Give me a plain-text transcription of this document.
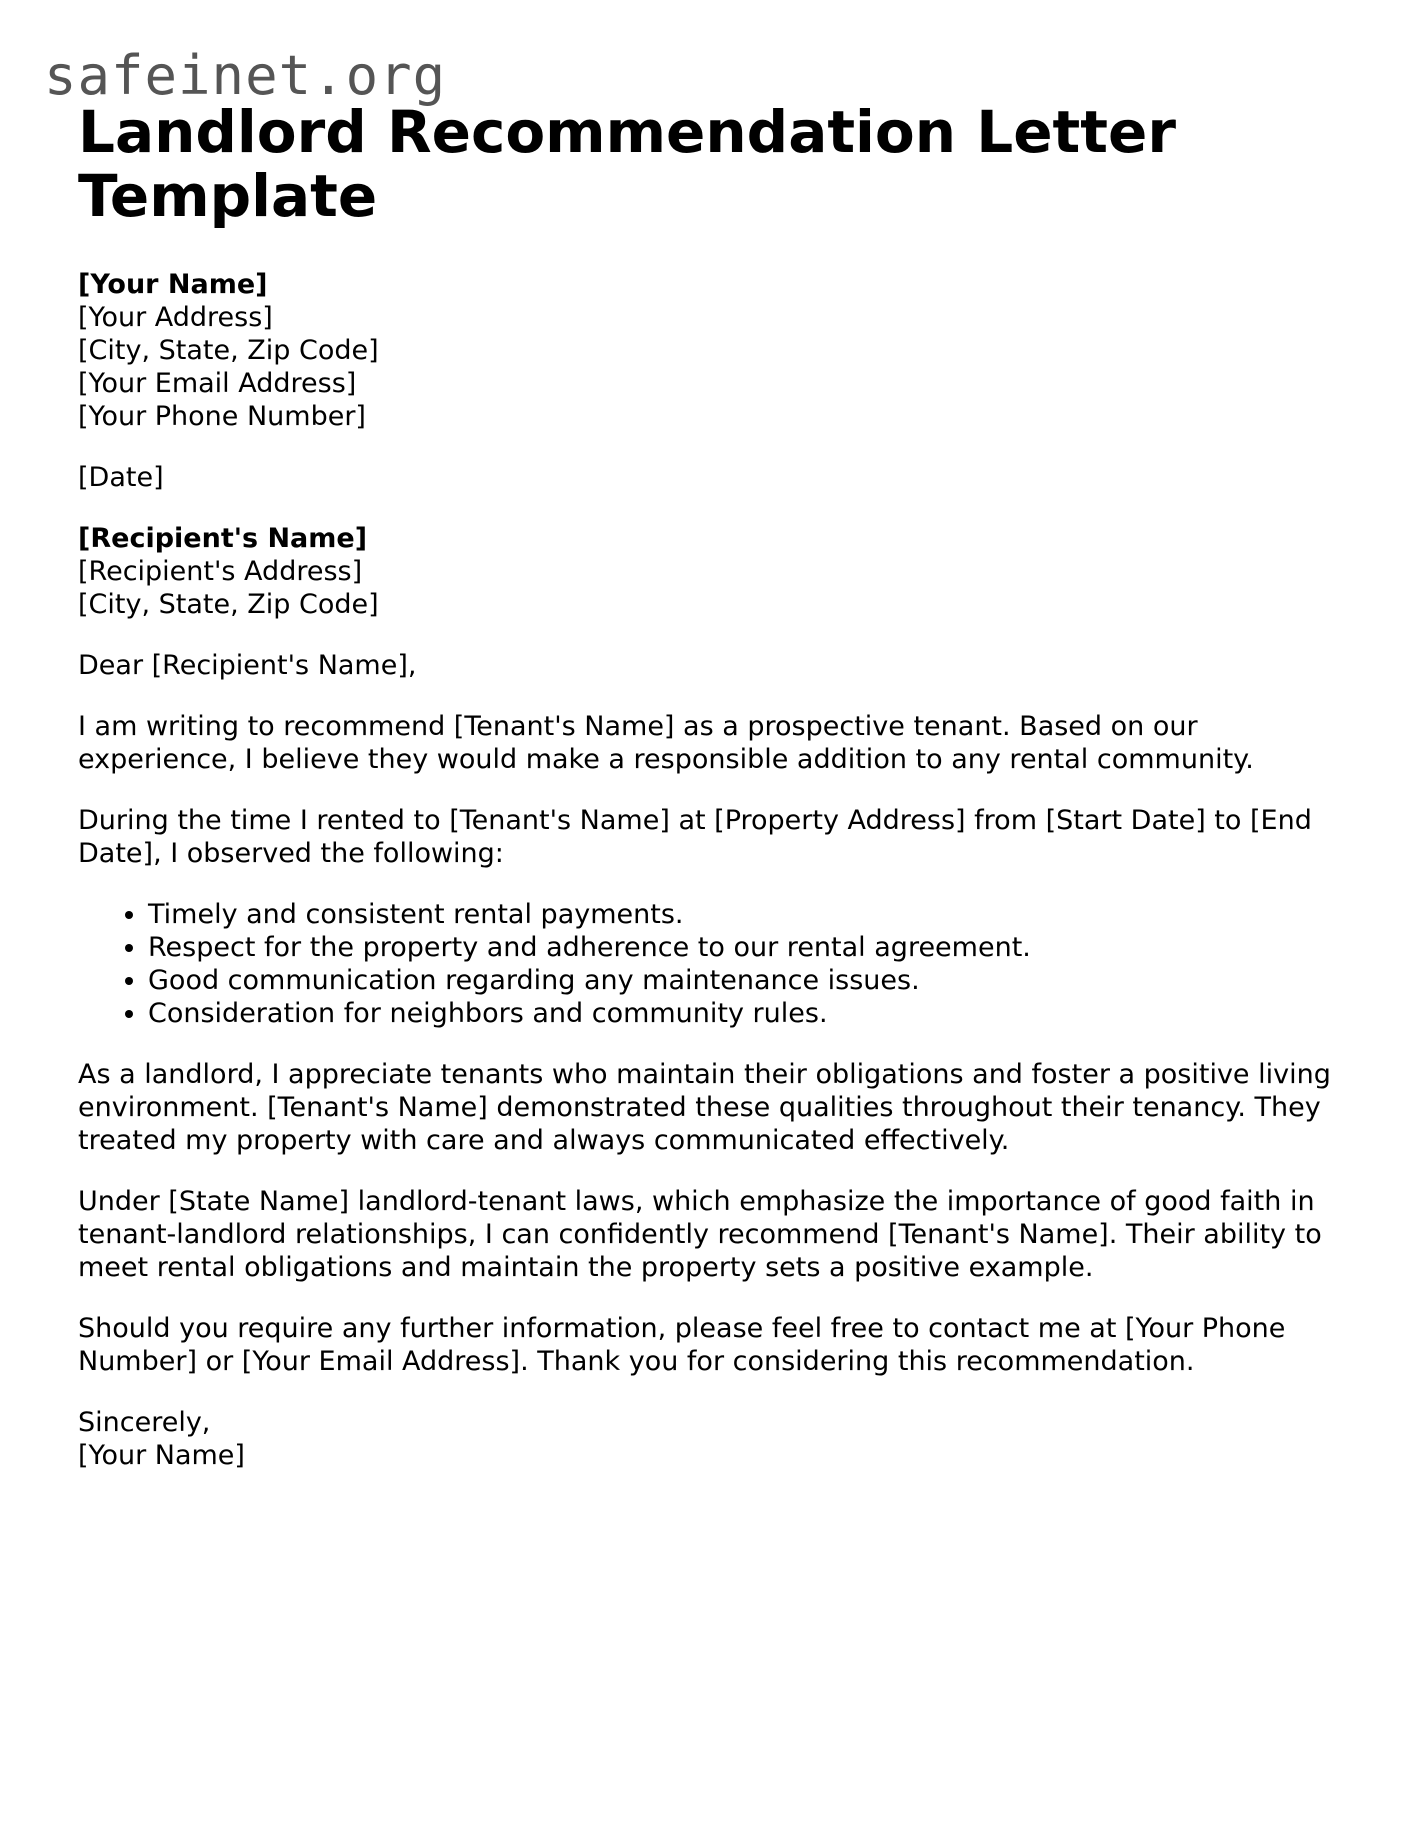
safeinet.org
Landlord Recommendation Letter Template
[Your Name]
[Your Address]
[City, State, Zip Code]
[Your Email Address]
[Your Phone Number]
[Date]
[Recipient's Name]
[Recipient's Address]
[City, State, Zip Code]

Dear [Recipient's Name],

I am writing to recommend [Tenant's Name] as a prospective tenant. Based on our experience, I believe they would make a responsible addition to any rental community.

During the time I rented to [Tenant's Name] at [Property Address] from [Start Date] to [End Date], I observed the following:

• Timely and consistent rental payments.
• Respect for the property and adherence to our rental agreement.
• Good communication regarding any maintenance issues.
• Consideration for neighbors and community rules.

As a landlord, I appreciate tenants who maintain their obligations and foster a positive living environment. [Tenant's Name] demonstrated these qualities throughout their tenancy. They treated my property with care and always communicated effectively.

Under [State Name] landlord-tenant laws, which emphasize the importance of good faith in tenant-landlord relationships, I can confidently recommend [Tenant's Name]. Their ability to meet rental obligations and maintain the property sets a positive example.

Should you require any further information, please feel free to contact me at [Your Phone Number] or [Your Email Address]. Thank you for considering this recommendation.

Sincerely,
[Your Name]
